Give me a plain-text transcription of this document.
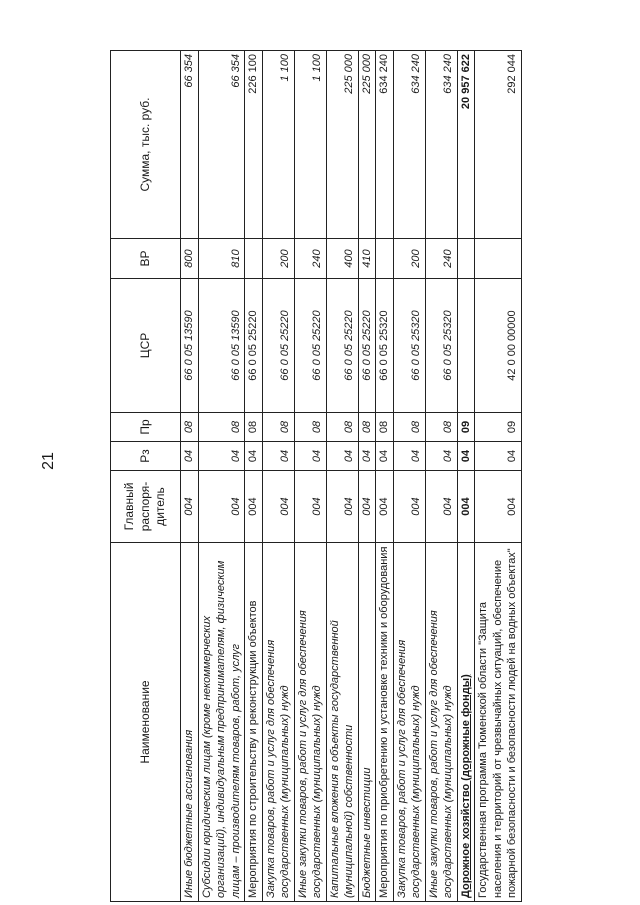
21
Наименование	Главный распоря-дитель	Рз	Пр	ЦСР	ВР	Сумма, тыс. руб.
Иные бюджетные ассигнования	004	04	08	66 0 05 13590	800	66 354
Субсидии юридическим лицам (кроме некоммерческих организаций), индивидуальным предпринимателям, физическим лицам – производителям товаров, работ, услуг	004	04	08	66 0 05 13590	810	66 354
Мероприятия по строительству и реконструкции объектов	004	04	08	66 0 05 25220		226 100
Закупка товаров, работ и услуг для обеспечения государственных (муниципальных) нужд	004	04	08	66 0 05 25220	200	1 100
Иные закупки товаров, работ и услуг для обеспечения государственных (муниципальных) нужд	004	04	08	66 0 05 25220	240	1 100
Капитальные вложения в объекты государственной (муниципальной) собственности	004	04	08	66 0 05 25220	400	225 000
Бюджетные инвестиции	004	04	08	66 0 05 25220	410	225 000
Мероприятия по приобретению и установке техники и оборудования	004	04	08	66 0 05 25320		634 240
Закупка товаров, работ и услуг для обеспечения государственных (муниципальных) нужд	004	04	08	66 0 05 25320	200	634 240
Иные закупки товаров, работ и услуг для обеспечения государственных (муниципальных) нужд	004	04	08	66 0 05 25320	240	634 240
Дорожное хозяйство (дорожные фонды)	004	04	09			20 957 622
Государственная программа Тюменской области "Защита населения и территорий от чрезвычайных ситуаций, обеспечение пожарной безопасности и безопасности людей на водных объектах"	004	04	09	42 0 00 00000		292 044
